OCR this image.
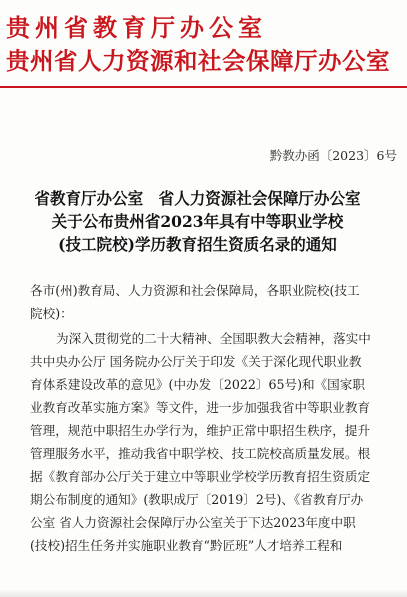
贵州省教育厅办公室
贵州省人力资源和社会保障厅办公室
黔教办函〔2023〕6号
省教育厅办公室　省人力资源社会保障厅办公室
关于公布贵州省2023年具有中等职业学校
(技工院校)学历教育招生资质名录的通知
各市(州)教育局、人力资源和社会保障局，各职业院校(技工
院校)：
为深入贯彻党的二十大精神、全国职教大会精神，落实中
共中央办公厅 国务院办公厅关于印发《关于深化现代职业教
育体系建设改革的意见》(中办发〔2022〕65号)和《国家职
业教育改革实施方案》等文件，进一步加强我省中等职业教育
管理，规范中职招生办学行为，维护正常中职招生秩序，提升
管理服务水平，推动我省中职学校、技工院校高质量发展。根
据《教育部办公厅关于建立中等职业学校学历教育招生资质定
期公布制度的通知》(教职成厅〔2019〕2号)、《省教育厅办
公室 省人力资源社会保障厅办公室关于下达2023年度中职
(技校)招生任务并实施职业教育“黔匠班”人才培养工程和
